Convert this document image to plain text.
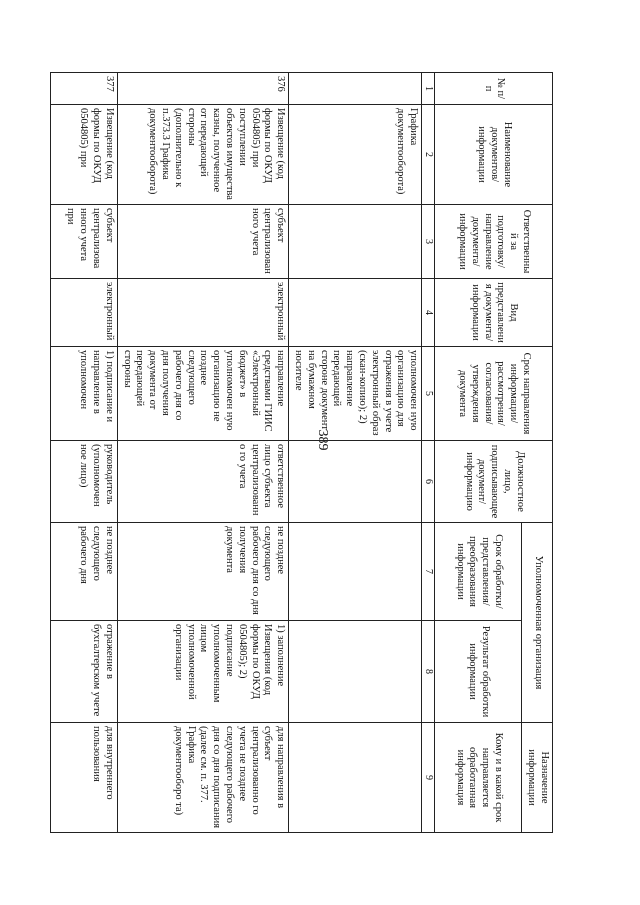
389
№ п/п	Наименование документов/ информации	Ответственный за подготовку/ направление документа/ информации	Вид представления документа/ информации	Срок направления информации/ рассмотрения/ согласования/ утверждения документа	Должностное лицо, подписывающее документ/ информацию	Уполномоченная организация		Назначение информации
						Срок обработки/ представления/ преобразования информации	Результат обработки информации	Кому и в какой срок направляется обработанная информация
1	2	3	4	5	6	7	8	9
	Графика документооборота)			уполномочен ную организацию для отражения в учете электронный образ (скан-копию); 2) направление передающей стороне документ на бумажном носителе				
376	Извещение (код формы по ОКУД 0504805) при поступлении объектов имущества казны, полученное от передающей стороны (дополнительно к п.373.3 Графика документооборота)	субъект централизован ного учета	электронный	направление средствами ГИИС «Электронный бюджет» в уполномочен ную организацию не позднее следующего рабочего дня со дня получения документа от передающей стороны	ответственное лицо субъекта централизованно го учета	не позднее следующего рабочего дня со дня получения документа	1) заполнение Извещения (код формы по ОКУД 0504805); 2) подписание уполномоченным лицом уполномоченной организации	для направления в субъект централизованно го учета не позднее следующего рабочего дня со дня подписания (далее см. п. 377. Графика документооборо та)
377	Извещение (код формы по ОКУД 0504805) при	субъект централизова нного учета при	электронный	1) подписание и направление в уполномочен	руководитель (уполномочен ное лицо)	не позднее следующего рабочего дня	отражение в бухгалтерском учете	для внутреннего пользования
